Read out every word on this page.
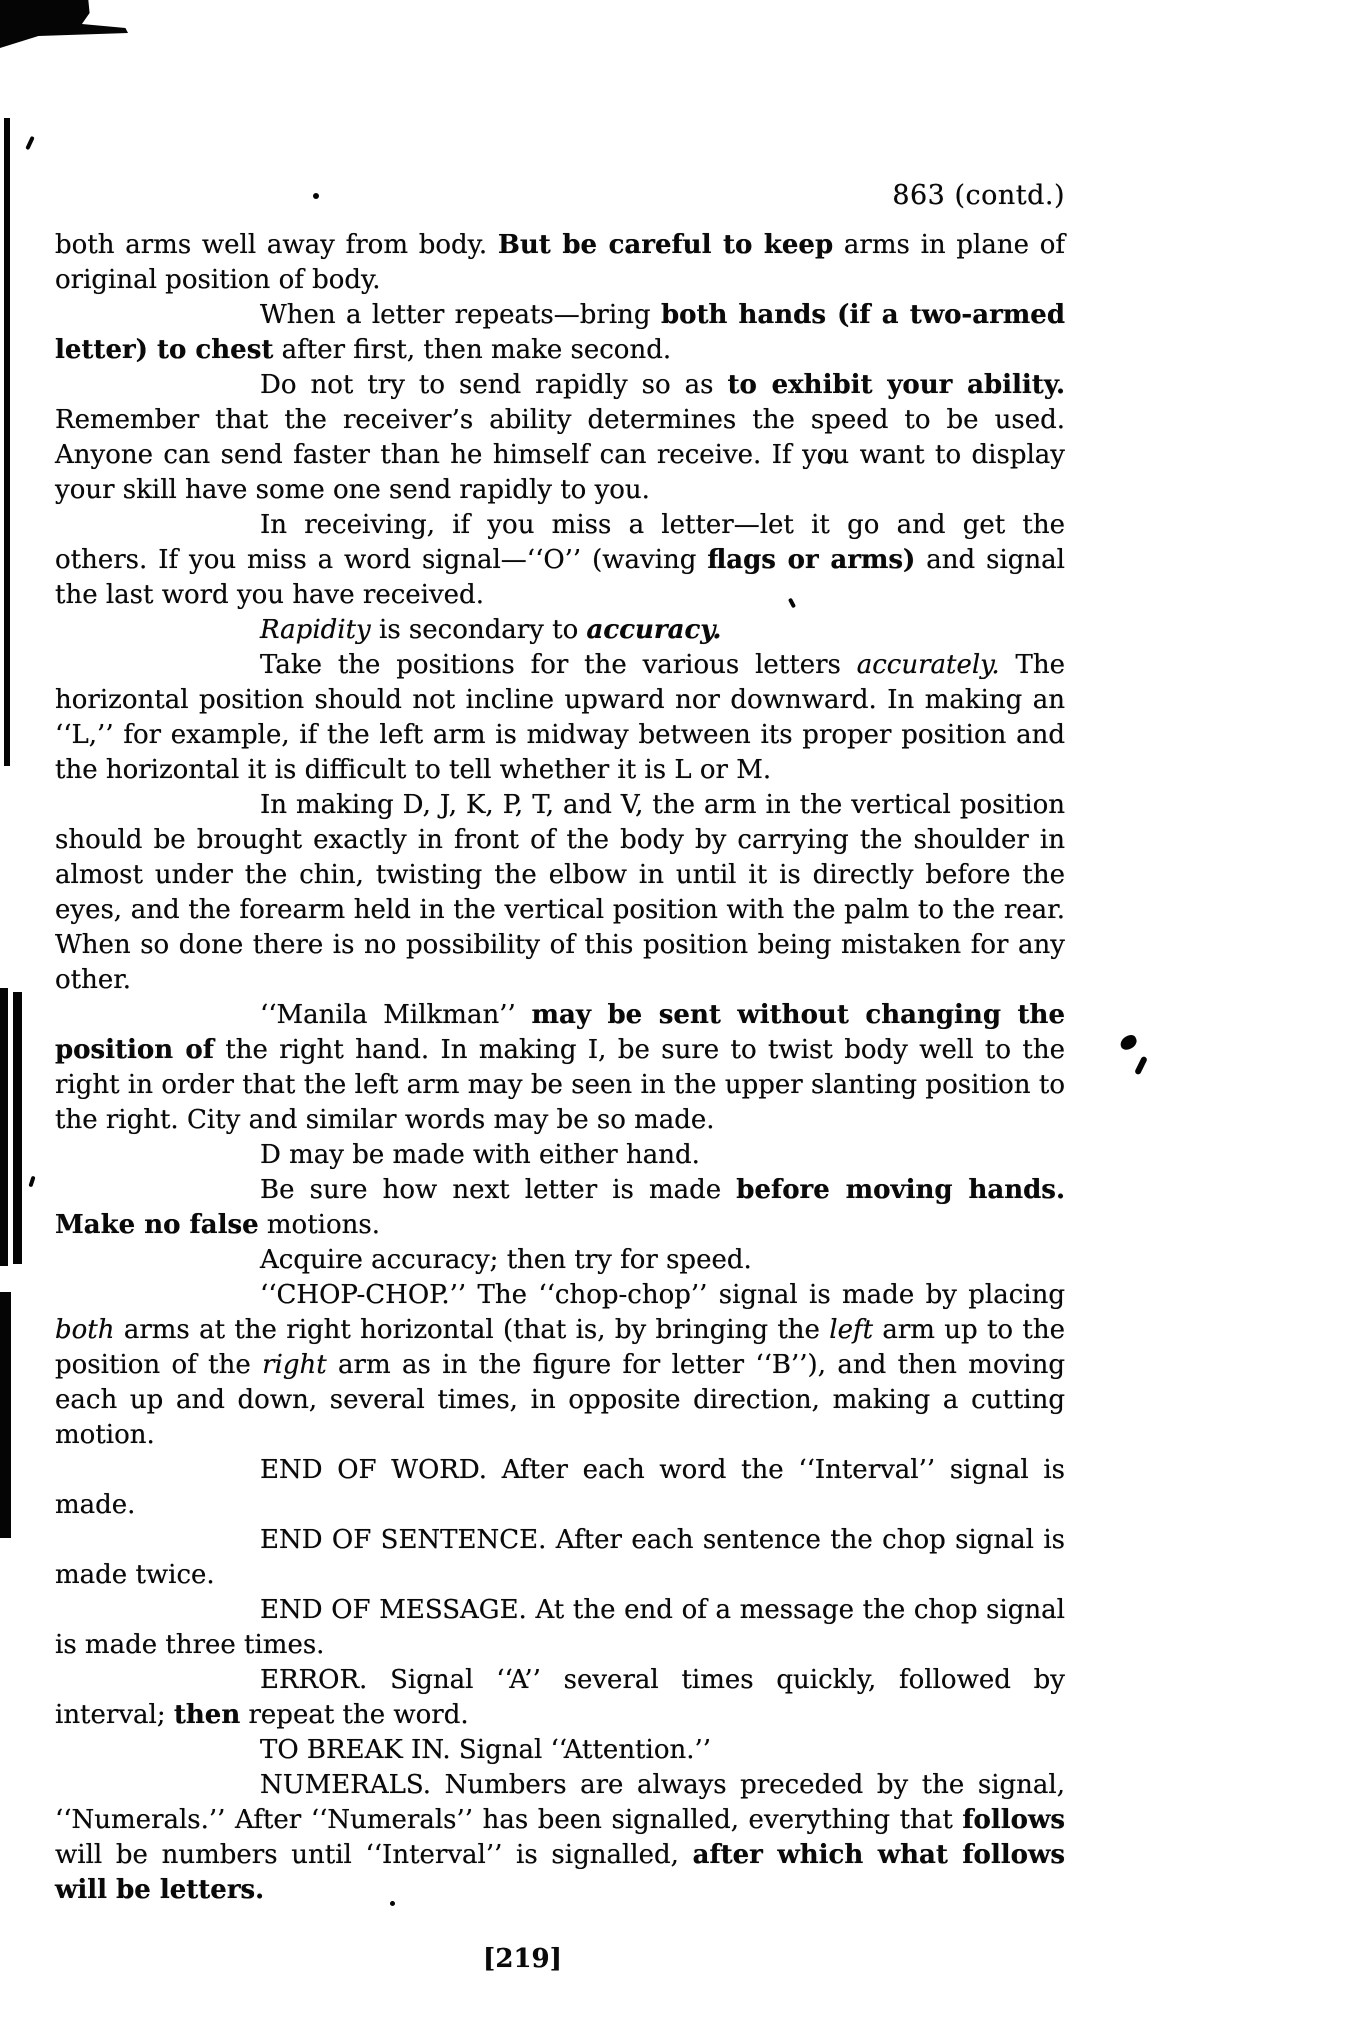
863 (contd.)

both arms well away from body. But be careful to keep arms in plane of original position of body.

When a letter repeats—bring both hands (if a two-armed letter) to chest after first, then make second.

Do not try to send rapidly so as to exhibit your ability. Remember that the receiver’s ability determines the speed to be used. Anyone can send faster than he himself can receive. If you want to display your skill have some one send rapidly to you.

In receiving, if you miss a letter—let it go and get the others. If you miss a word signal—‘‘O’’ (waving flags or arms) and signal the last word you have received.

Rapidity is secondary to accuracy.

Take the positions for the various letters accurately. The horizontal position should not incline upward nor downward. In making an ‘‘L,’’ for example, if the left arm is midway between its proper position and the horizontal it is difficult to tell whether it is L or M.

In making D, J, K, P, T, and V, the arm in the vertical position should be brought exactly in front of the body by carrying the shoulder in almost under the chin, twisting the elbow in until it is directly before the eyes, and the forearm held in the vertical position with the palm to the rear. When so done there is no possibility of this position being mistaken for any other.

‘‘Manila Milkman’’ may be sent without changing the position of the right hand. In making I, be sure to twist body well to the right in order that the left arm may be seen in the upper slanting position to the right. City and similar words may be so made.

D may be made with either hand.

Be sure how next letter is made before moving hands. Make no false motions.

Acquire accuracy; then try for speed.

‘‘CHOP-CHOP.’’ The ‘‘chop-chop’’ signal is made by placing both arms at the right horizontal (that is, by bringing the left arm up to the position of the right arm as in the figure for letter ‘‘B’’), and then moving each up and down, several times, in opposite direction, making a cutting motion.

END OF WORD. After each word the ‘‘Interval’’ signal is made.

END OF SENTENCE. After each sentence the chop signal is made twice.

END OF MESSAGE. At the end of a message the chop signal is made three times.

ERROR. Signal ‘‘A’’ several times quickly, followed by interval; then repeat the word.

TO BREAK IN. Signal ‘‘Attention.’’

NUMERALS. Numbers are always preceded by the signal, ‘‘Numerals.’’ After ‘‘Numerals’’ has been signalled, everything that follows will be numbers until ‘‘Interval’’ is signalled, after which what follows will be letters.

[219]
